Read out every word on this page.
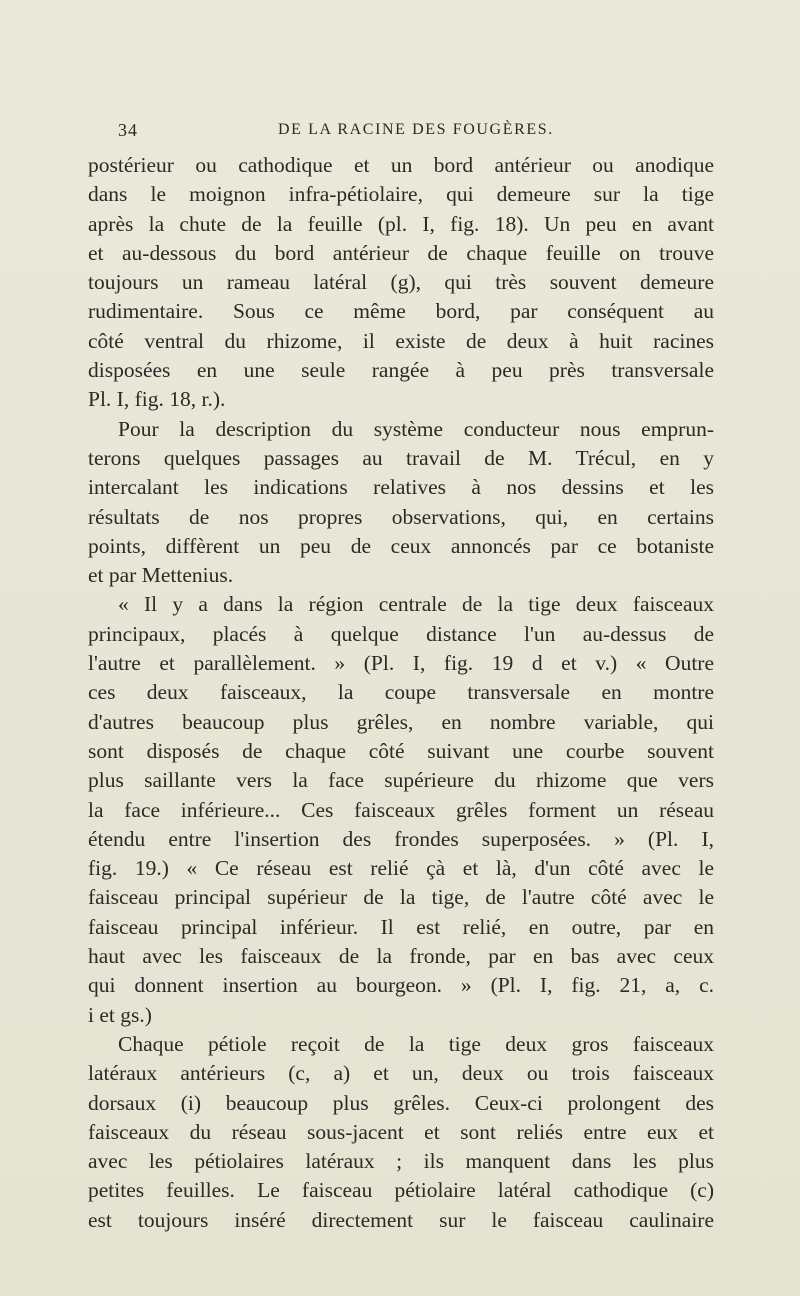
34	DE LA RACINE DES FOUGÈRES.
postérieur ou cathodique et un bord antérieur ou anodique
dans le moignon infra-pétiolaire, qui demeure sur la tige
après la chute de la feuille (pl. I, fig. 18). Un peu en avant
et au-dessous du bord antérieur de chaque feuille on trouve
toujours un rameau latéral (g), qui très souvent demeure
rudimentaire. Sous ce même bord, par conséquent au
côté ventral du rhizome, il existe de deux à huit racines
disposées en une seule rangée à peu près transversale
Pl. I, fig. 18, r.).
Pour la description du système conducteur nous emprun-
terons quelques passages au travail de M. Trécul, en y
intercalant les indications relatives à nos dessins et les
résultats de nos propres observations, qui, en certains
points, diffèrent un peu de ceux annoncés par ce botaniste
et par Mettenius.
« Il y a dans la région centrale de la tige deux faisceaux
principaux, placés à quelque distance l'un au-dessus de
l'autre et parallèlement. » (Pl. I, fig. 19 d et v.) « Outre
ces deux faisceaux, la coupe transversale en montre
d'autres beaucoup plus grêles, en nombre variable, qui
sont disposés de chaque côté suivant une courbe souvent
plus saillante vers la face supérieure du rhizome que vers
la face inférieure... Ces faisceaux grêles forment un réseau
étendu entre l'insertion des frondes superposées. » (Pl. I,
fig. 19.) « Ce réseau est relié çà et là, d'un côté avec le
faisceau principal supérieur de la tige, de l'autre côté avec le
faisceau principal inférieur. Il est relié, en outre, par en
haut avec les faisceaux de la fronde, par en bas avec ceux
qui donnent insertion au bourgeon. » (Pl. I, fig. 21, a, c.
i et gs.)
Chaque pétiole reçoit de la tige deux gros faisceaux
latéraux antérieurs (c, a) et un, deux ou trois faisceaux
dorsaux (i) beaucoup plus grêles. Ceux-ci prolongent des
faisceaux du réseau sous-jacent et sont reliés entre eux et
avec les pétiolaires latéraux ; ils manquent dans les plus
petites feuilles. Le faisceau pétiolaire latéral cathodique (c)
est toujours inséré directement sur le faisceau caulinaire
